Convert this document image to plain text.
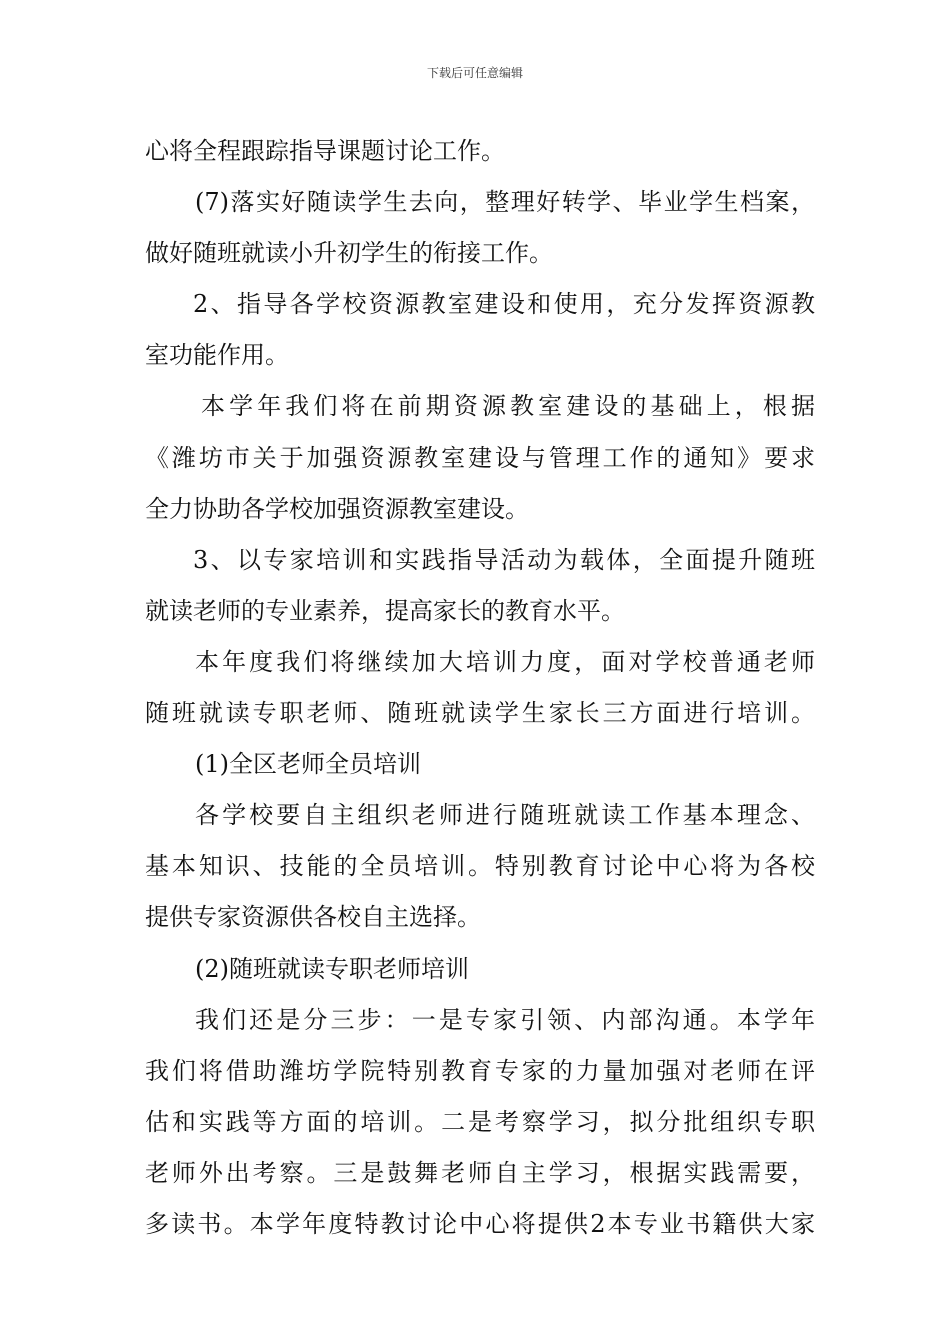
下载后可任意编辑
心将全程跟踪指导课题讨论工作。
(7)落实好随读学生去向，整理好转学、毕业学生档案，
做好随班就读小升初学生的衔接工作。
2、指导各学校资源教室建设和使用，充分发挥资源教
室功能作用。
本学年我们将在前期资源教室建设的基础上，根据
《潍坊市关于加强资源教室建设与管理工作的通知》要求
全力协助各学校加强资源教室建设。
3、以专家培训和实践指导活动为载体，全面提升随班
就读老师的专业素养，提高家长的教育水平。
本年度我们将继续加大培训力度，面对学校普通老师
随班就读专职老师、随班就读学生家长三方面进行培训。
(1)全区老师全员培训
各学校要自主组织老师进行随班就读工作基本理念、
基本知识、技能的全员培训。特别教育讨论中心将为各校
提供专家资源供各校自主选择。
(2)随班就读专职老师培训
我们还是分三步：一是专家引领、内部沟通。本学年
我们将借助潍坊学院特别教育专家的力量加强对老师在评
估和实践等方面的培训。二是考察学习，拟分批组织专职
老师外出考察。三是鼓舞老师自主学习，根据实践需要，
多读书。本学年度特教讨论中心将提供2本专业书籍供大家
